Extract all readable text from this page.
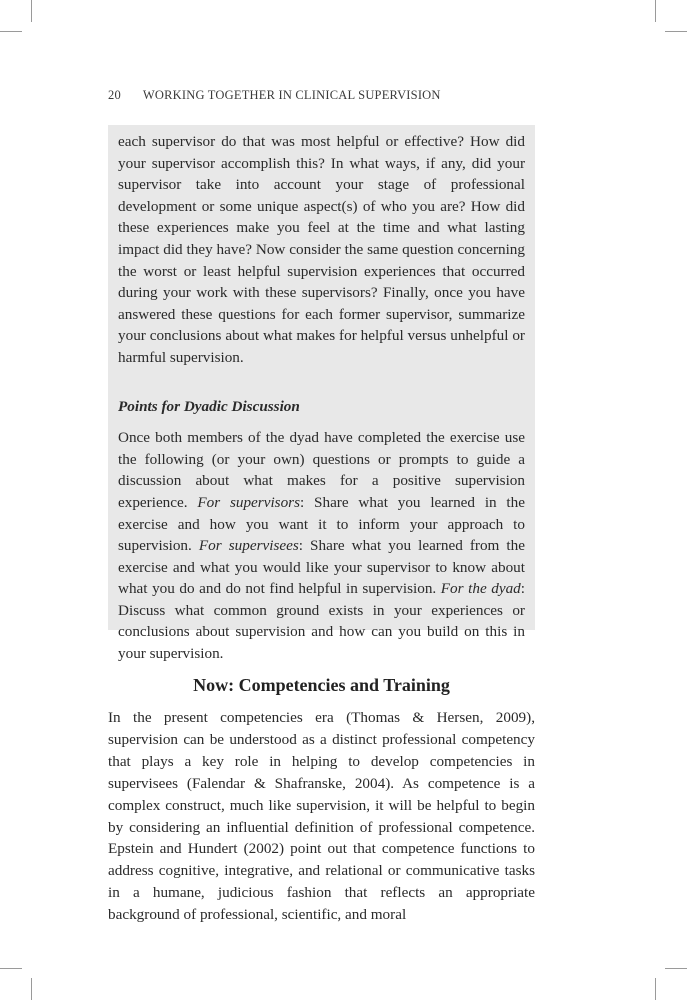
20 WORKING TOGETHER IN CLINICAL SUPERVISION

each supervisor do that was most helpful or effective? How did your supervisor accomplish this? In what ways, if any, did your supervisor take into account your stage of professional development or some unique aspect(s) of who you are? How did these experiences make you feel at the time and what lasting impact did they have? Now consider the same question concerning the worst or least helpful supervision experiences that occurred during your work with these supervisors? Finally, once you have answered these questions for each former supervisor, summarize your conclusions about what makes for helpful versus unhelpful or harmful supervision.

Points for Dyadic Discussion

Once both members of the dyad have completed the exercise use the following (or your own) questions or prompts to guide a discussion about what makes for a positive supervision experience. For supervisors: Share what you learned in the exercise and how you want it to inform your approach to supervision. For supervisees: Share what you learned from the exercise and what you would like your supervisor to know about what you do and do not find helpful in supervision. For the dyad: Discuss what common ground exists in your experiences or conclusions about supervision and how can you build on this in your supervision.

Now: Competencies and Training

In the present competencies era (Thomas & Hersen, 2009), supervision can be understood as a distinct professional competency that plays a key role in helping to develop competencies in supervisees (Falendar & Shafranske, 2004). As competence is a complex construct, much like supervision, it will be helpful to begin by considering an influential definition of professional competence. Epstein and Hundert (2002) point out that competence functions to address cognitive, integrative, and relational or communicative tasks in a humane, judicious fashion that reflects an appropriate background of professional, scientific, and moral
